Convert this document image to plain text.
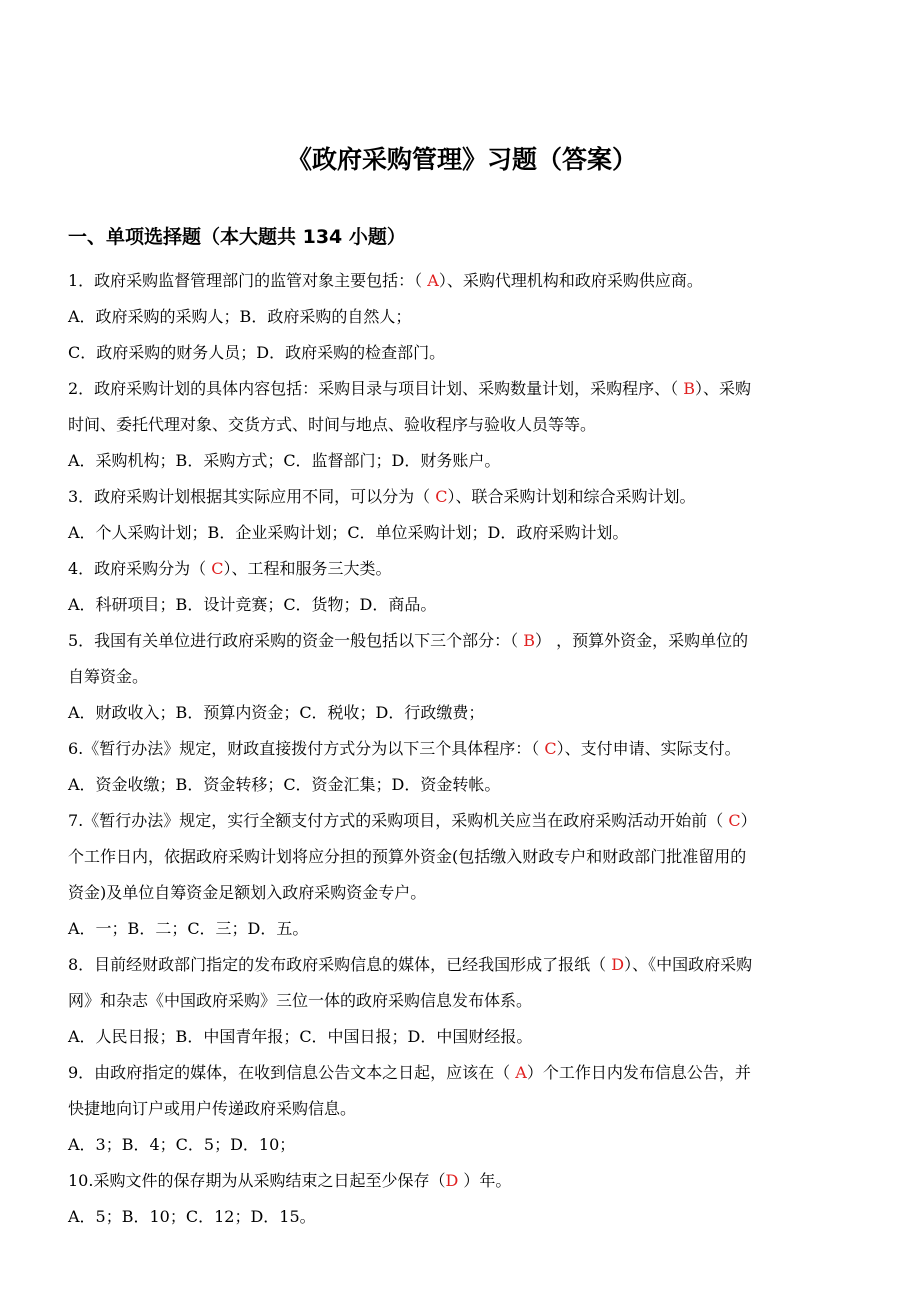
《政府采购管理》习题（答案）
一、单项选择题（本大题共 134 小题）

1．政府采购监督管理部门的监管对象主要包括：（ A）、采购代理机构和政府采购供应商。

A．政府采购的采购人；B．政府采购的自然人；

C．政府采购的财务人员；D．政府采购的检查部门。

2．政府采购计划的具体内容包括：采购目录与项目计划、采购数量计划，采购程序、（ B）、采购

时间、委托代理对象、交货方式、时间与地点、验收程序与验收人员等等。

A．采购机构；B．采购方式；C．监督部门；D．财务账户。

3．政府采购计划根据其实际应用不同，可以分为（ C）、联合采购计划和综合采购计划。

A．个人采购计划；B．企业采购计划；C．单位采购计划；D．政府采购计划。

4．政府采购分为（ C）、工程和服务三大类。

A．科研项目；B．设计竞赛；C．货物；D．商品。

5．我国有关单位进行政府采购的资金一般包括以下三个部分：（ B） ，预算外资金，采购单位的

自筹资金。

A．财政收入；B．预算内资金；C．税收；D．行政缴费；

6.《暂行办法》规定，财政直接拨付方式分为以下三个具体程序：（ C）、支付申请、实际支付。

A．资金收缴；B．资金转移；C．资金汇集；D．资金转帐。

7.《暂行办法》规定，实行全额支付方式的采购项目，采购机关应当在政府采购活动开始前（ C）

个工作日内，依据政府采购计划将应分担的预算外资金(包括缴入财政专户和财政部门批准留用的

资金)及单位自筹资金足额划入政府采购资金专户。

A．一；B．二；C．三；D．五。

8．目前经财政部门指定的发布政府采购信息的媒体，已经我国形成了报纸（ D）、《中国政府采购

网》和杂志《中国政府采购》三位一体的政府采购信息发布体系。

A．人民日报；B．中国青年报；C．中国日报；D．中国财经报。

9．由政府指定的媒体，在收到信息公告文本之日起，应该在（ A）个工作日内发布信息公告，并

快捷地向订户或用户传递政府采购信息。

A．3；B．4；C．5；D．10；

10.采购文件的保存期为从采购结束之日起至少保存（D ）年。

A．5；B．10；C．12；D．15。
